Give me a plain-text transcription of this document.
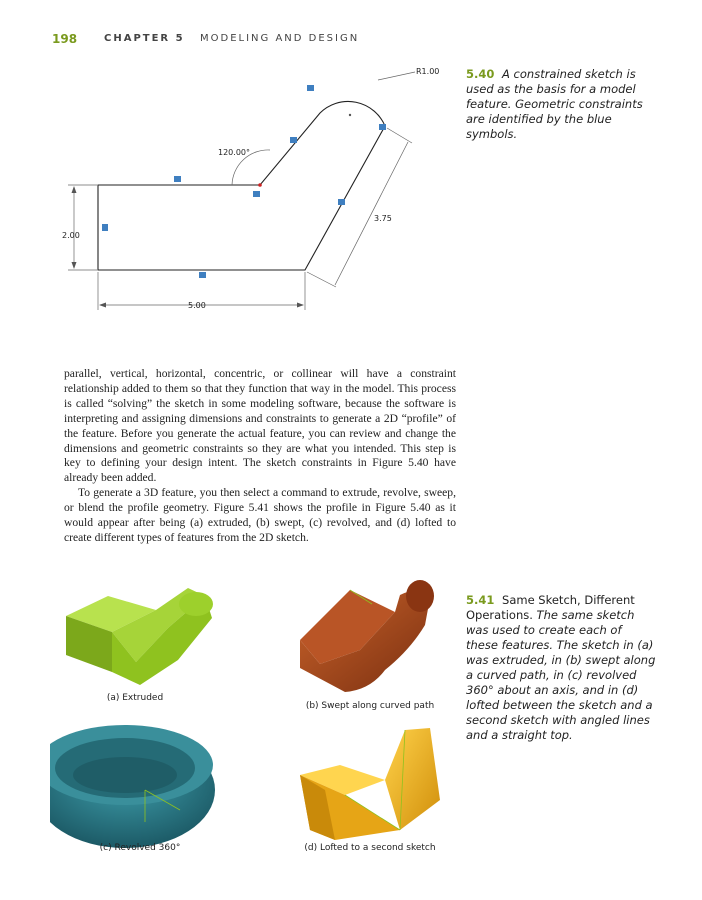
198	CHAPTER 5 MODELING AND DESIGN
R1.00
120.00°
2.00
3.75
5.00
5.40 A constrained sketch is used as the basis for a model feature. Geometric constraints are identified by the blue symbols.

parallel, vertical, horizontal, concentric, or collinear will have a constraint relationship added to them so that they function that way in the model. This process is called “solving” the sketch in some modeling software, because the software is interpreting and assigning dimensions and constraints to generate a 2D “profile” of the feature. Before you generate the actual feature, you can review and change the dimensions and geometric constraints so they are what you intended. This step is key to defining your design intent. The sketch constraints in Figure 5.40 have already been added.

To generate a 3D feature, you then select a command to extrude, revolve, sweep, or blend the profile geometry. Figure 5.41 shows the profile in Figure 5.40 as it would appear after being (a) extruded, (b) swept, (c) revolved, and (d) lofted to create different types of features from the 2D sketch.

(a) Extruded
(b) Swept along curved path
(c) Revolved 360°	(d) Lofted to a second sketch
5.41 Same Sketch, Different Operations. The same sketch was used to create each of these features. The sketch in (a) was extruded, in (b) swept along a curved path, in (c) revolved 360° about an axis, and in (d) lofted between the sketch and a second sketch with angled lines and a straight top.
